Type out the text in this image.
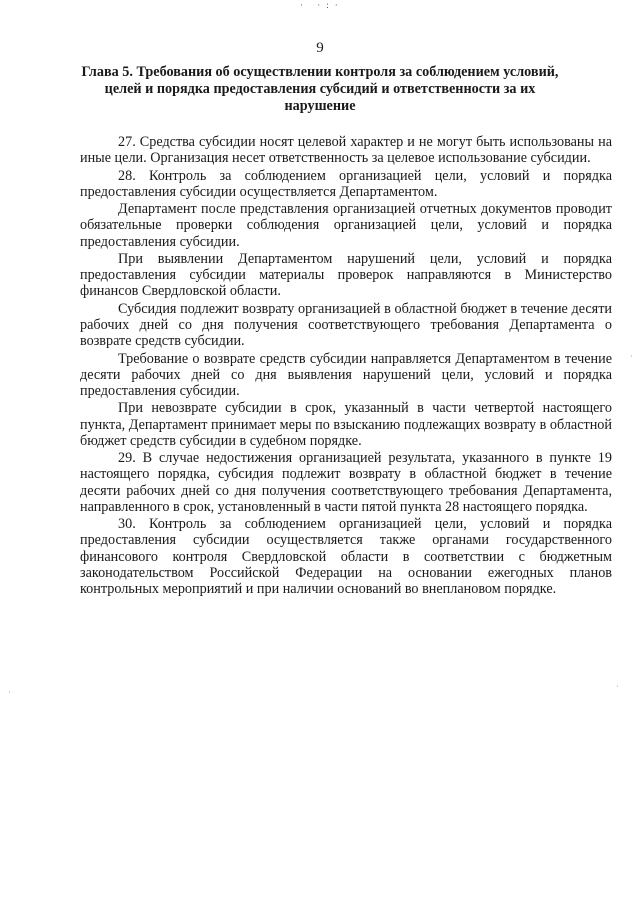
· ·:·
9
Глава 5. Требования об осуществлении контроля за соблюдением условий, целей и порядка предоставления субсидий и ответственности за их нарушение

27. Средства субсидии носят целевой характер и не могут быть использованы на иные цели. Организация несет ответственность за целевое использование субсидии.

28. Контроль за соблюдением организацией цели, условий и порядка предоставления субсидии осуществляется Департаментом.

Департамент после представления организацией отчетных документов проводит обязательные проверки соблюдения организацией цели, условий и порядка предоставления субсидии.

При выявлении Департаментом нарушений цели, условий и порядка предоставления субсидии материалы проверок направляются в Министерство финансов Свердловской области.

Субсидия подлежит возврату организацией в областной бюджет в течение десяти рабочих дней со дня получения соответствующего требования Департамента о возврате средств субсидии.

Требование о возврате средств субсидии направляется Департаментом в течение десяти рабочих дней со дня выявления нарушений цели, условий и порядка предоставления субсидии.

При невозврате субсидии в срок, указанный в части четвертой настоящего пункта, Департамент принимает меры по взысканию подлежащих возврату в областной бюджет средств субсидии в судебном порядке.

29. В случае недостижения организацией результата, указанного в пункте 19 настоящего порядка, субсидия подлежит возврату в областной бюджет в течение десяти рабочих дней со дня получения соответствующего требования Департамента, направленного в срок, установленный в части пятой пункта 28 настоящего порядка.

30. Контроль за соблюдением организацией цели, условий и порядка предоставления субсидии осуществляется также органами государственного финансового контроля Свердловской области в соответствии с бюджетным законодательством Российской Федерации на основании ежегодных планов контрольных мероприятий и при наличии оснований во внеплановом порядке.

·
·
·
